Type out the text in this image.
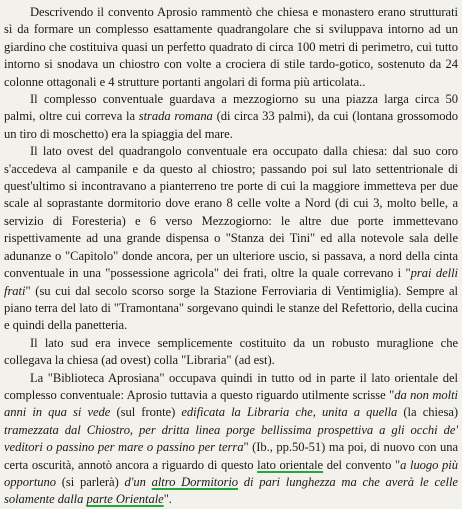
Descrivendo il convento Aprosio rammentò che chiesa e monastero erano strutturati sì da formare un complesso esattamente quadrangolare che si sviluppava intorno ad un giardino che costituiva quasi un perfetto quadrato di circa 100 metri di perimetro, cui tutto intorno si snodava un chiostro con volte a crociera di stile tardo-gotico, sostenuto da 24 colonne ottagonali e 4 strutture portanti angolari di forma più articolata..

Il complesso conventuale guardava a mezzogiorno su una piazza larga circa 50 palmi, oltre cui correva la strada romana (di circa 33 palmi), da cui (lontana grossomodo un tiro di moschetto) era la spiaggia del mare.

Il lato ovest del quadrangolo conventuale era occupato dalla chiesa: dal suo coro s'accedeva al campanile e da questo al chiostro; passando poi sul lato settentrionale di quest'ultimo si incontravano a pianterreno tre porte di cui la maggiore immetteva per due scale al soprastante dormitorio dove erano 8 celle volte a Nord (di cui 3, molto belle, a servizio di Foresteria) e 6 verso Mezzogiorno: le altre due porte immettevano rispettivamente ad una grande dispensa o "Stanza dei Tini" ed alla notevole sala delle adunanze o "Capitolo" donde ancora, per un ulteriore uscio, si passava, a nord della cinta conventuale in una "possessione agricola" dei frati, oltre la quale correvano i "prai delli frati" (su cui dal secolo scorso sorge la Stazione Ferroviaria di Ventimiglia). Sempre al piano terra del lato di "Tramontana" sorgevano quindi le stanze del Refettorio, della cucina e quindi della panetteria.

Il lato sud era invece semplicemente costituito da un robusto muraglione che collegava la chiesa (ad ovest) colla "Libraria" (ad est).

La "Biblioteca Aprosiana" occupava quindi in tutto od in parte il lato orientale del complesso conventuale: Aprosio tuttavia a questo riguardo utilmente scrisse "da non molti anni in qua si vede (sul fronte) edificata la Libraria che, unita a quella (la chiesa) tramezzata dal Chiostro, per dritta linea porge bellissima prospettiva a gli occhi de' veditori o passino per mare o passino per terra" (Ib., pp.50-51) ma poi, di nuovo con una certa oscurità, annotò ancora a riguardo di questo lato orientale del convento "a luogo più opportuno (si parlerà) d'un altro Dormitorio di pari lunghezza ma che averà le celle solamente dalla parte Orientale".
